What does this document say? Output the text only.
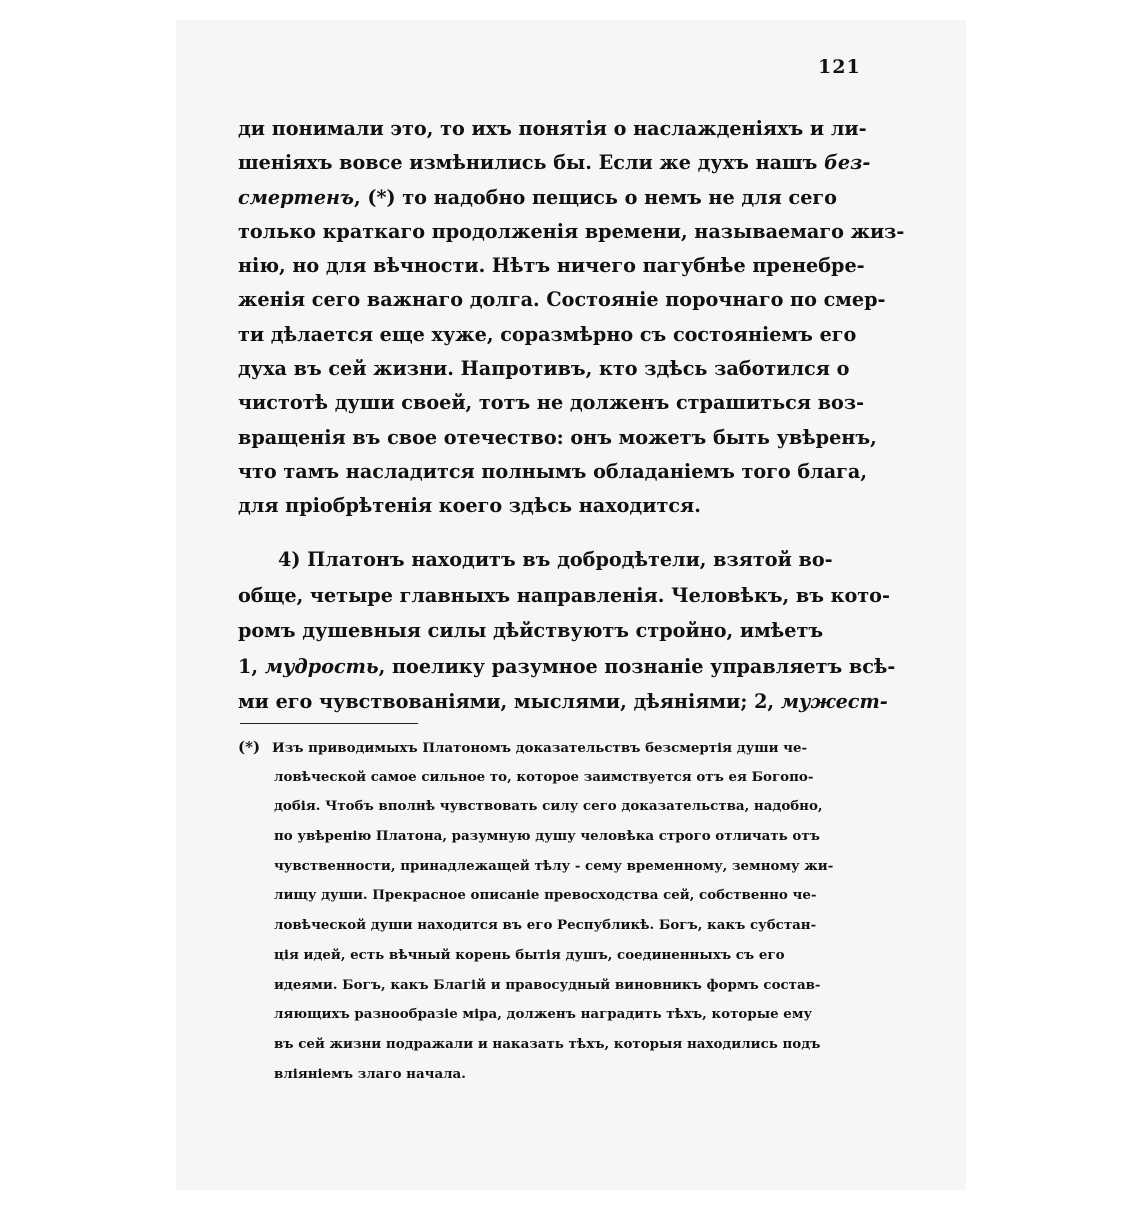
121
ди понимали это, то ихъ понятія о наслажденіяхъ и ли-
шеніяхъ вовсе измѣнились бы. Если же духъ нашъ без-
смертенъ, (*) то надобно пещись о немъ не для сего
только краткаго продолженія времени, называемаго жиз-
нію, но для вѣчности. Нѣтъ ничего пагубнѣе пренебре-
женія сего важнаго долга. Состояніе порочнаго по смер-
ти дѣлается еще хуже, соразмѣрно съ состояніемъ его
духа въ сей жизни. Напротивъ, кто здѣсь заботился о
чистотѣ души своей, тотъ не долженъ страшиться воз-
вращенія въ свое отечество: онъ можетъ быть увѣренъ,
что тамъ насладится полнымъ обладаніемъ того блага,
для пріобрѣтенія коего здѣсь находится.
4) Платонъ находитъ въ добродѣтели, взятой во-
обще, четыре главныхъ направленія. Человѣкъ, въ кото-
ромъ душевныя силы дѣйствуютъ стройно, имѣетъ
1, мудрость, поелику разумное познаніе управляетъ всѣ-
ми его чувствованіями, мыслями, дѣяніями; 2, мужест-
(*) Изъ приводимыхъ Платономъ доказательствъ безсмертія души че-
ловѣческой самое сильное то, которое заимствуется отъ ея Богопо-
добія. Чтобъ вполнѣ чувствовать силу сего доказательства, надобно,
по увѣренію Платона, разумную душу человѣка строго отличать отъ
чувственности, принадлежащей тѣлу - сему временному, земному жи-
лищу души. Прекрасное описаніе превосходства сей, собственно че-
ловѣческой души находится въ его Республикѣ. Богъ, какъ субстан-
ція идей, есть вѣчный корень бытія душъ, соединенныхъ съ его
идеями. Богъ, какъ Благій и правосудный виновникъ формъ состав-
ляющихъ разнообразіе міра, долженъ наградить тѣхъ, которые ему
въ сей жизни подражали и наказать тѣхъ, которыя находились подъ
вліяніемъ злаго начала.
